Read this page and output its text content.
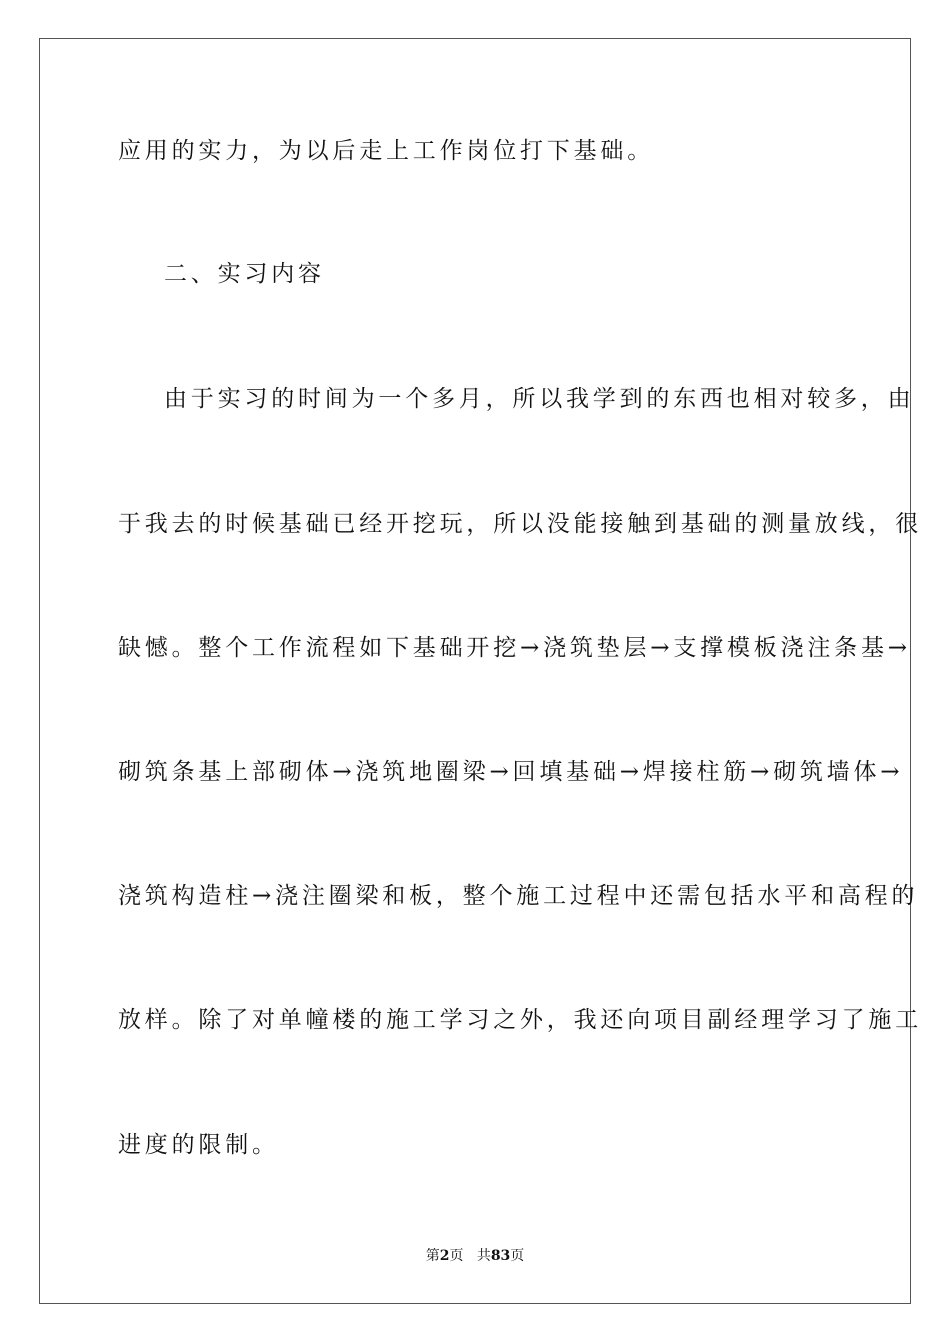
应用的实力，为以后走上工作岗位打下基础。
二、实习内容
由于实习的时间为一个多月，所以我学到的东西也相对较多，由
于我去的时候基础已经开挖玩，所以没能接触到基础的测量放线，很
缺憾。整个工作流程如下基础开挖→浇筑垫层→支撑模板浇注条基→
砌筑条基上部砌体→浇筑地圈梁→回填基础→焊接柱筋→砌筑墙体→
浇筑构造柱→浇注圈梁和板，整个施工过程中还需包括水平和高程的
放样。除了对单幢楼的施工学习之外，我还向项目副经理学习了施工
进度的限制。
第2页 共83页
